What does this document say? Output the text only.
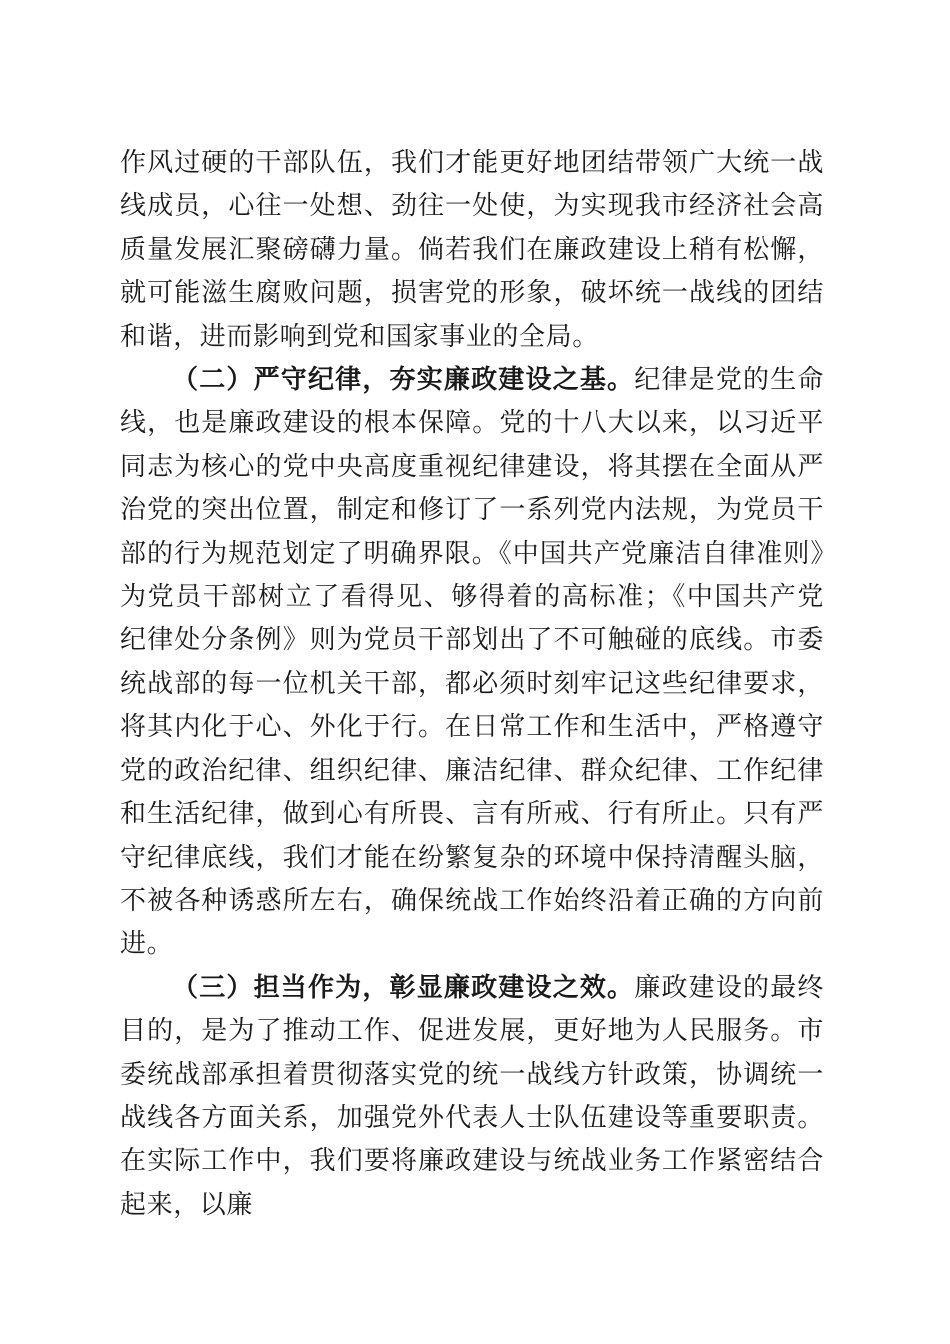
作风过硬的干部队伍，我们才能更好地团结带领广大统一战线成员，心往一处想、劲往一处使，为实现我市经济社会高质量发展汇聚磅礴力量。倘若我们在廉政建设上稍有松懈，就可能滋生腐败问题，损害党的形象，破坏统一战线的团结和谐，进而影响到党和国家事业的全局。

（二）严守纪律，夯实廉政建设之基。纪律是党的生命线，也是廉政建设的根本保障。党的十八大以来，以习近平同志为核心的党中央高度重视纪律建设，将其摆在全面从严治党的突出位置，制定和修订了一系列党内法规，为党员干部的行为规范划定了明确界限。《中国共产党廉洁自律准则》为党员干部树立了看得见、够得着的高标准；《中国共产党纪律处分条例》则为党员干部划出了不可触碰的底线。市委统战部的每一位机关干部，都必须时刻牢记这些纪律要求，将其内化于心、外化于行。在日常工作和生活中，严格遵守党的政治纪律、组织纪律、廉洁纪律、群众纪律、工作纪律和生活纪律，做到心有所畏、言有所戒、行有所止。只有严守纪律底线，我们才能在纷繁复杂的环境中保持清醒头脑，不被各种诱惑所左右，确保统战工作始终沿着正确的方向前进。

（三）担当作为，彰显廉政建设之效。廉政建设的最终目的，是为了推动工作、促进发展，更好地为人民服务。市委统战部承担着贯彻落实党的统一战线方针政策，协调统一战线各方面关系，加强党外代表人士队伍建设等重要职责。在实际工作中，我们要将廉政建设与统战业务工作紧密结合起来，以廉
